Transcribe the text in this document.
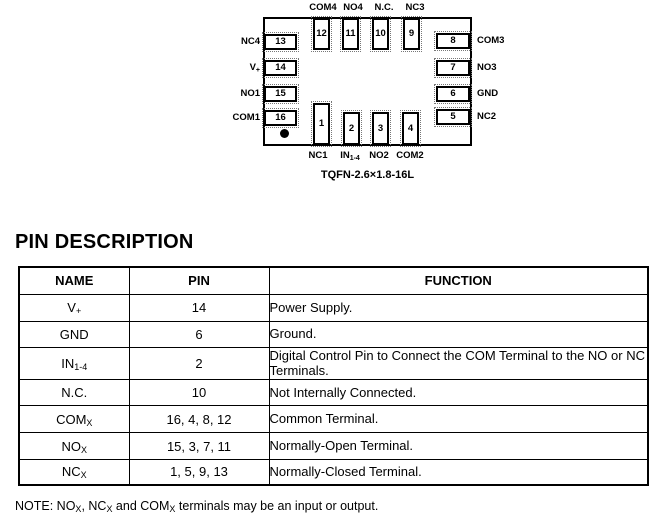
12 11 10 9
13
14
15
16
8
7
6
5
1	2 3	4
COM4 NO4 N.C. NC3
NC4
$V_+$
NO1
COM1
COM3
NO3
GND
NC2
NC1 $IN_{1-4}$ NO2 COM2
TQFN-2.6×1.8-16L
PIN DESCRIPTION
NAME	PIN	FUNCTION
$V_+$	14	Power Supply.
GND	6	Ground.
$IN_{1-4}$	2	Digital Control Pin to Connect the COM Terminal to the NO or NC Terminals.
N.C.	10	Not Internally Connected.
$COM_X$	16, 4, 8, 12	Common Terminal.
$NO_X$	15, 3, 7, 11	Normally-Open Terminal.
$NC_X$	1, 5, 9, 13	Normally-Closed Terminal.
NOTE: $NO_X$, $NC_X$ and $COM_X$ terminals may be an input or output.
